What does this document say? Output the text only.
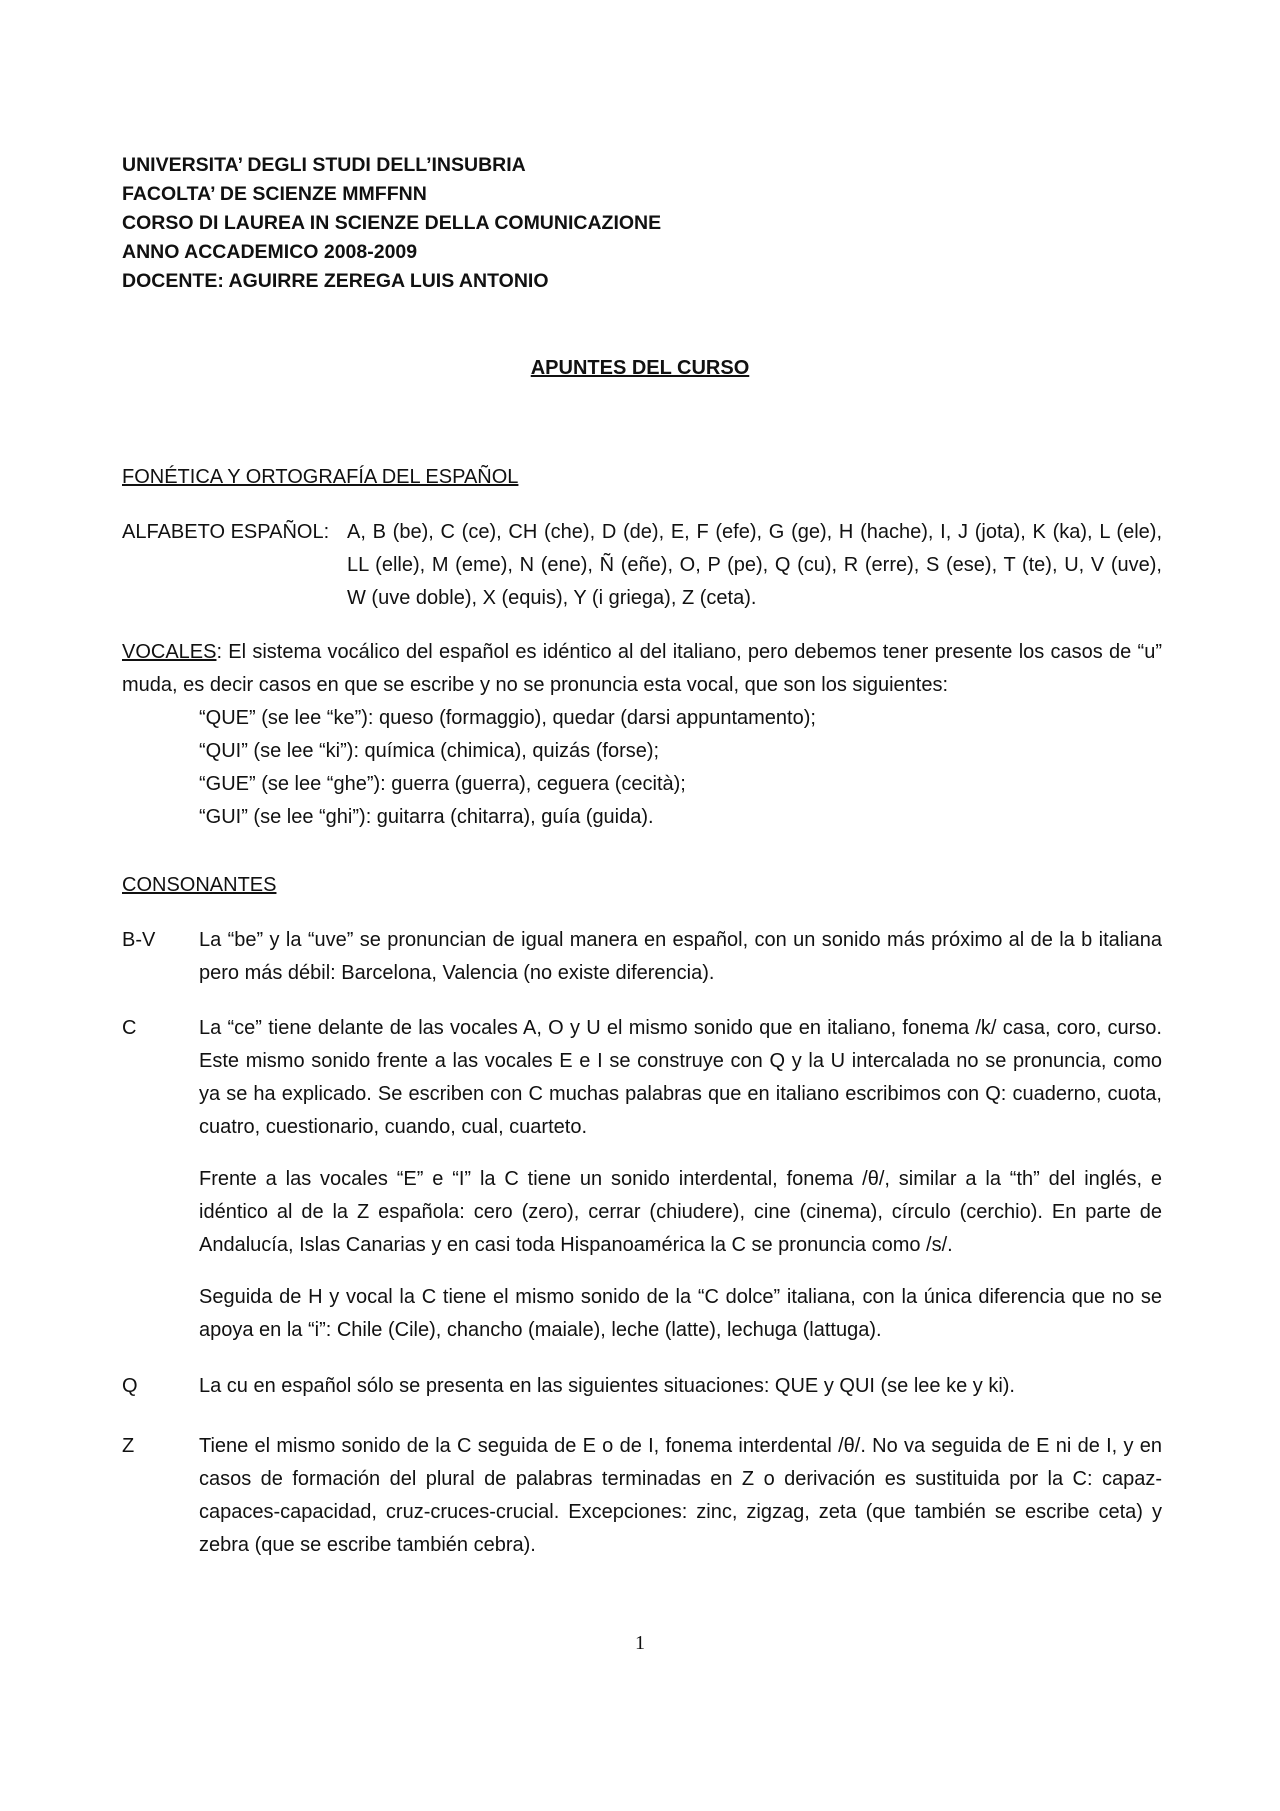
UNIVERSITA’ DEGLI STUDI DELL’INSUBRIA
FACOLTA’ DE SCIENZE MMFFNN
CORSO DI LAUREA IN SCIENZE DELLA COMUNICAZIONE
ANNO ACCADEMICO 2008-2009
DOCENTE: AGUIRRE ZEREGA LUIS ANTONIO
APUNTES DEL CURSO
FONÉTICA Y ORTOGRAFÍA DEL ESPAÑOL
ALFABETO ESPAÑOL: A, B (be), C (ce), CH (che), D (de), E, F (efe), G (ge), H (hache), I, J (jota), K (ka), L (ele), LL (elle), M (eme), N (ene), Ñ (eñe), O, P (pe), Q (cu), R (erre), S (ese), T (te), U, V (uve), W (uve doble), X (equis), Y (i griega), Z (ceta).
VOCALES: El sistema vocálico del español es idéntico al del italiano, pero debemos tener presente los casos de “u” muda, es decir casos en que se escribe y no se pronuncia esta vocal, que son los siguientes:
“QUE” (se lee “ke”): queso (formaggio), quedar (darsi appuntamento);
“QUI” (se lee “ki”): química (chimica), quizás (forse);
“GUE” (se lee “ghe”): guerra (guerra), ceguera (cecità);
“GUI” (se lee “ghi”): guitarra (chitarra), guía (guida).
CONSONANTES
B-V La “be” y la “uve” se pronuncian de igual manera en español, con un sonido más próximo al de la b italiana pero más débil: Barcelona, Valencia (no existe diferencia).
C	La “ce” tiene delante de las vocales A, O y U el mismo sonido que en italiano, fonema /k/ casa, coro, curso. Este mismo sonido frente a las vocales E e I se construye con Q y la U intercalada no se pronuncia, como ya se ha explicado. Se escriben con C muchas palabras que en italiano escribimos con Q: cuaderno, cuota, cuatro, cuestionario, cuando, cual, cuarteto.
Frente a las vocales “E” e “I” la C tiene un sonido interdental, fonema /θ/, similar a la “th” del inglés, e idéntico al de la Z española: cero (zero), cerrar (chiudere), cine (cinema), círculo (cerchio). En parte de Andalucía, Islas Canarias y en casi toda Hispanoamérica la C se pronuncia como /s/.
Seguida de H y vocal la C tiene el mismo sonido de la “C dolce” italiana, con la única diferencia que no se apoya en la “i”: Chile (Cile), chancho (maiale), leche (latte), lechuga (lattuga).
Q	La cu en español sólo se presenta en las siguientes situaciones: QUE y QUI (se lee ke y ki).
Z	Tiene el mismo sonido de la C seguida de E o de I, fonema interdental /θ/. No va seguida de E ni de I, y en casos de formación del plural de palabras terminadas en Z o derivación es sustituida por la C: capaz-capaces-capacidad, cruz-cruces-crucial. Excepciones: zinc, zigzag, zeta (que también se escribe ceta) y zebra (que se escribe también cebra).
1
